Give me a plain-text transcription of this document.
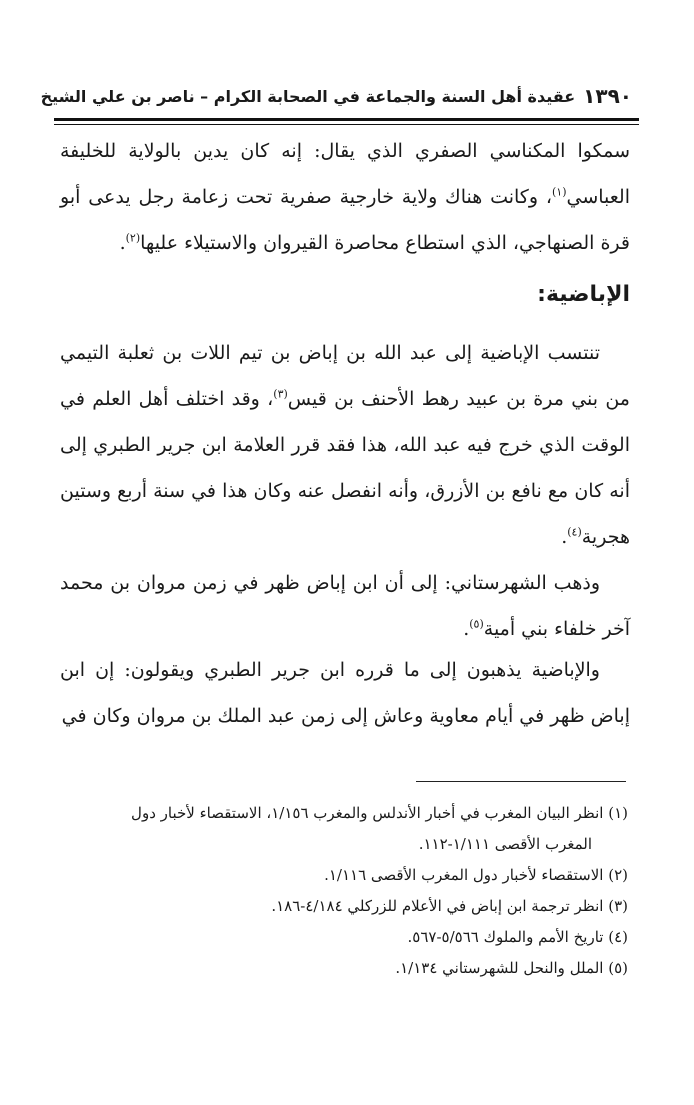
١٣٩٠
عقيدة أهل السنة والجماعة في الصحابة الكرام – ناصر بن علي الشيخ
سمكوا المكناسي الصفري الذي يقال: إنه كان يدين بالولاية للخليفة العباسي$^{(١)}$، وكانت هناك ولاية خارجية صفرية تحت زعامة رجل يدعى أبو قرة الصنهاجي، الذي استطاع محاصرة القيروان والاستيلاء عليها$^{(٢)}$.
الإباضية:
تنتسب الإباضية إلى عبد الله بن إباض بن تيم اللات بن ثعلبة التيمي من بني مرة بن عبيد رهط الأحنف بن قيس$^{(٣)}$، وقد اختلف أهل العلم في الوقت الذي خرج فيه عبد الله، هذا فقد قرر العلامة ابن جرير الطبري إلى أنه كان مع نافع بن الأزرق، وأنه انفصل عنه وكان هذا في سنة أربع وستين هجرية$^{(٤)}$.
وذهب الشهرستاني: إلى أن ابن إباض ظهر في زمن مروان بن محمد آخر خلفاء بني أمية$^{(٥)}$.
والإباضية يذهبون إلى ما قرره ابن جرير الطبري ويقولون: إن ابن إباض ظهر في أيام معاوية وعاش إلى زمن عبد الملك بن مروان وكان في
(١) انظر البيان المغرب في أخبار الأندلس والمغرب ١/١٥٦، الاستقصاء لأخبار دول
المغرب الأقصى ١/١١١-١١٢.
(٢) الاستقصاء لأخبار دول المغرب الأقصى ١/١١٦.
(٣) انظر ترجمة ابن إباض في الأعلام للزركلي ٤/١٨٤-١٨٦.
(٤) تاريخ الأمم والملوك ٥/٥٦٦-٥٦٧.
(٥) الملل والنحل للشهرستاني ١/١٣٤.
